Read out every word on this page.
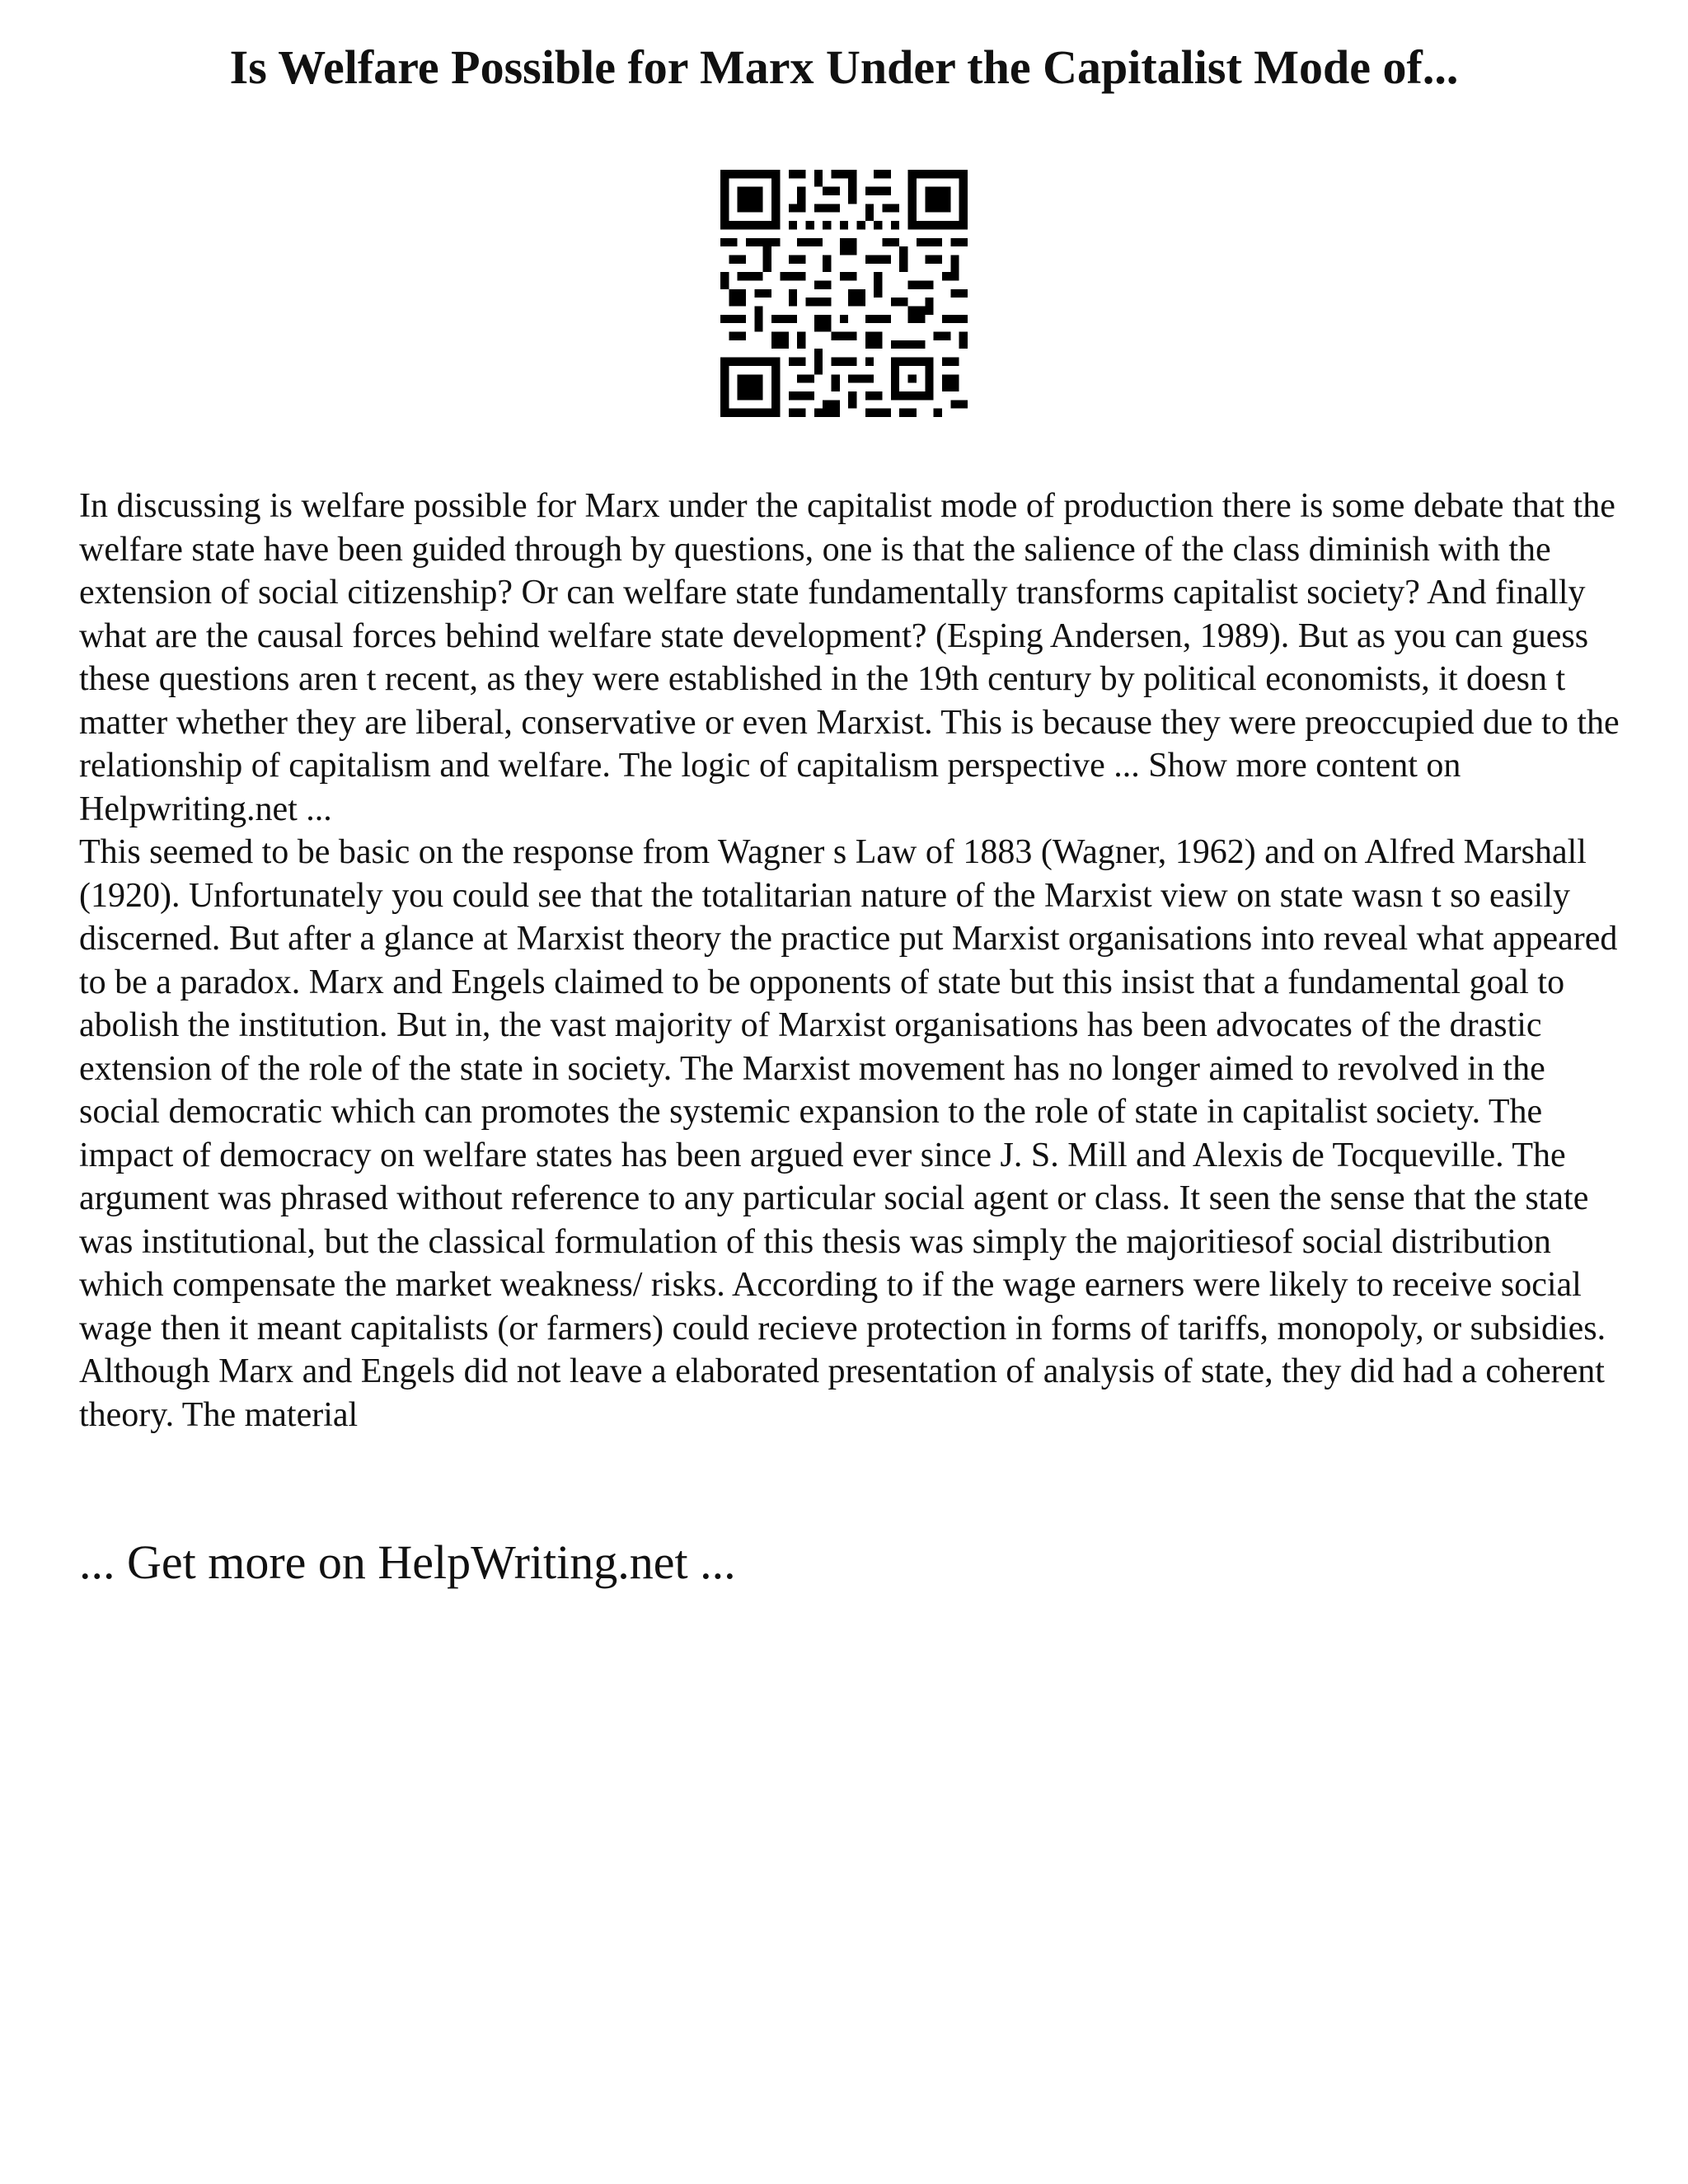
Is Welfare Possible for Marx Under the Capitalist Mode of...

In discussing is welfare possible for Marx under the capitalist mode of production there is some debate that the welfare state have been guided through by questions, one is that the salience of the class diminish with the extension of social citizenship? Or can welfare state fundamentally transforms capitalist society? And finally what are the causal forces behind welfare state development? (Esping Andersen, 1989). But as you can guess these questions aren t recent, as they were established in the 19th century by political economists, it doesn t matter whether they are liberal, conservative or even Marxist. This is because they were preoccupied due to the relationship of capitalism and welfare. The logic of capitalism perspective ... Show more content on Helpwriting.net ...

This seemed to be basic on the response from Wagner s Law of 1883 (Wagner, 1962) and on Alfred Marshall (1920). Unfortunately you could see that the totalitarian nature of the Marxist view on state wasn t so easily discerned. But after a glance at Marxist theory the practice put Marxist organisations into reveal what appeared to be a paradox. Marx and Engels claimed to be opponents of state but this insist that a fundamental goal to abolish the institution. But in, the vast majority of Marxist organisations has been advocates of the drastic extension of the role of the state in society. The Marxist movement has no longer aimed to revolved in the social democratic which can promotes the systemic expansion to the role of state in capitalist society. The impact of democracy on welfare states has been argued ever since J. S. Mill and Alexis de Tocqueville. The argument was phrased without reference to any particular social agent or class. It seen the sense that the state was institutional, but the classical formulation of this thesis was simply the majoritiesof social distribution which compensate the market weakness/ risks. According to if the wage earners were likely to receive social wage then it meant capitalists (or farmers) could recieve protection in forms of tariffs, monopoly, or subsidies. Although Marx and Engels did not leave a elaborated presentation of analysis of state, they did had a coherent theory. The material

... Get more on HelpWriting.net ...
